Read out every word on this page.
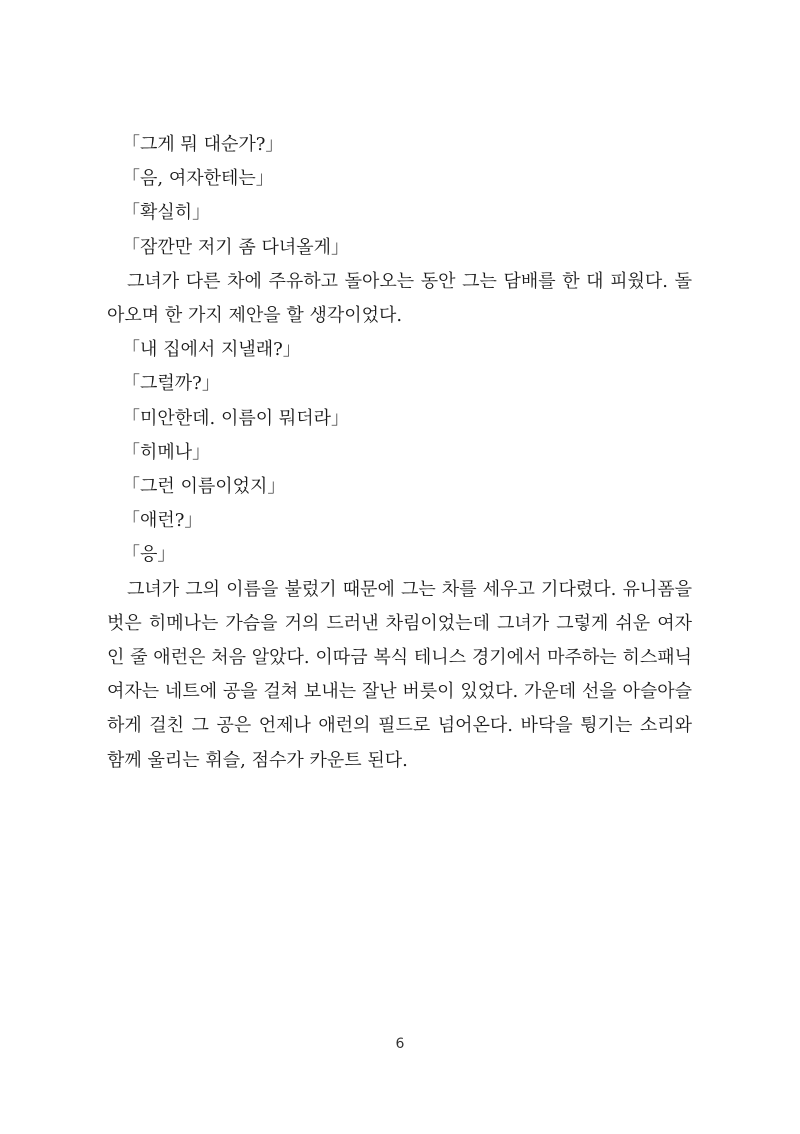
「그게 뭐 대순가?」
「음, 여자한테는」
「확실히」
「잠깐만 저기 좀 다녀올게」
그녀가 다른 차에 주유하고 돌아오는 동안 그는 담배를 한 대 피웠다. 돌아오며 한 가지 제안을 할 생각이었다.
「내 집에서 지낼래?」
「그럴까?」
「미안한데. 이름이 뭐더라」
「히메나」
「그런 이름이었지」
「애런?」
「응」
그녀가 그의 이름을 불렀기 때문에 그는 차를 세우고 기다렸다. 유니폼을 벗은 히메나는 가슴을 거의 드러낸 차림이었는데 그녀가 그렇게 쉬운 여자인 줄 애런은 처음 알았다. 이따금 복식 테니스 경기에서 마주하는 히스패닉 여자는 네트에 공을 걸쳐 보내는 잘난 버릇이 있었다. 가운데 선을 아슬아슬하게 걸친 그 공은 언제나 애런의 필드로 넘어온다. 바닥을 튕기는 소리와 함께 울리는 휘슬, 점수가 카운트 된다.
6
